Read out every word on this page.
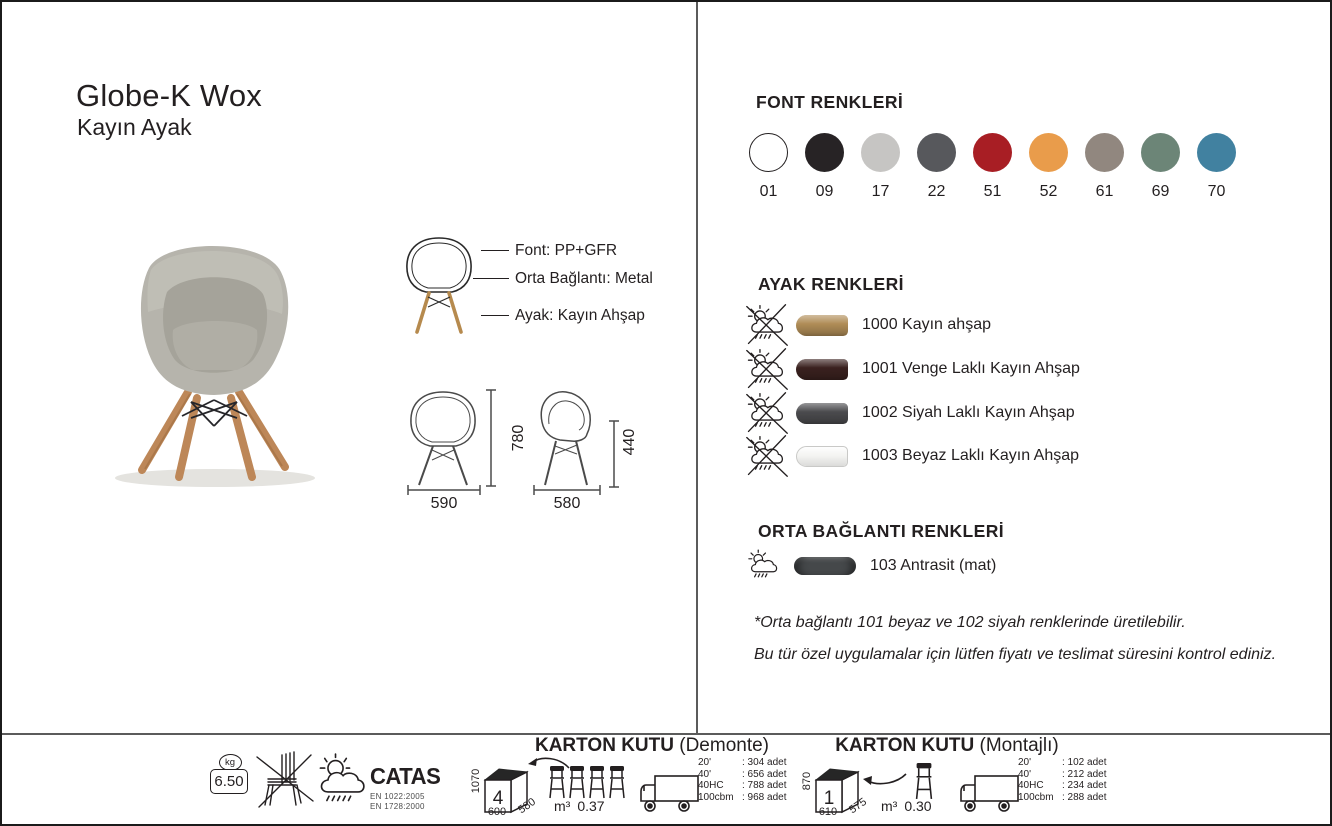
Globe-K Wox
Kayın Ayak
Font: PP+GFR
Orta Bağlantı: Metal
Ayak: Kayın Ahşap
780
590
440
580
FONT RENKLERİ
01 09 17 22 51 52 61 69 70
AYAK RENKLERİ
1000 Kayın ahşap
1001 Venge Laklı Kayın Ahşap
1002 Siyah Laklı Kayın Ahşap
1003 Beyaz Laklı Kayın Ahşap
ORTA BAĞLANTI RENKLERİ
103 Antrasit (mat)
*Orta bağlantı 101 beyaz ve 102 siyah renklerinde üretilebilir.
Bu tür özel uygulamalar için lütfen fiyatı ve teslimat süresini kontrol ediniz.
kg
6.50	CATAS
EN 1022:2005
EN 1728:2000
KARTON KUTU (Demonte)
4
1070
600 580	m³ 0.37
20'	: 304 adet
40'	: 656 adet
40HC	: 788 adet
100cbm : 968 adet
KARTON KUTU (Montajlı)
1
870
610 575 m³ 0.30
20'	: 102 adet
40'	: 212 adet
40HC	: 234 adet
100cbm : 288 adet
